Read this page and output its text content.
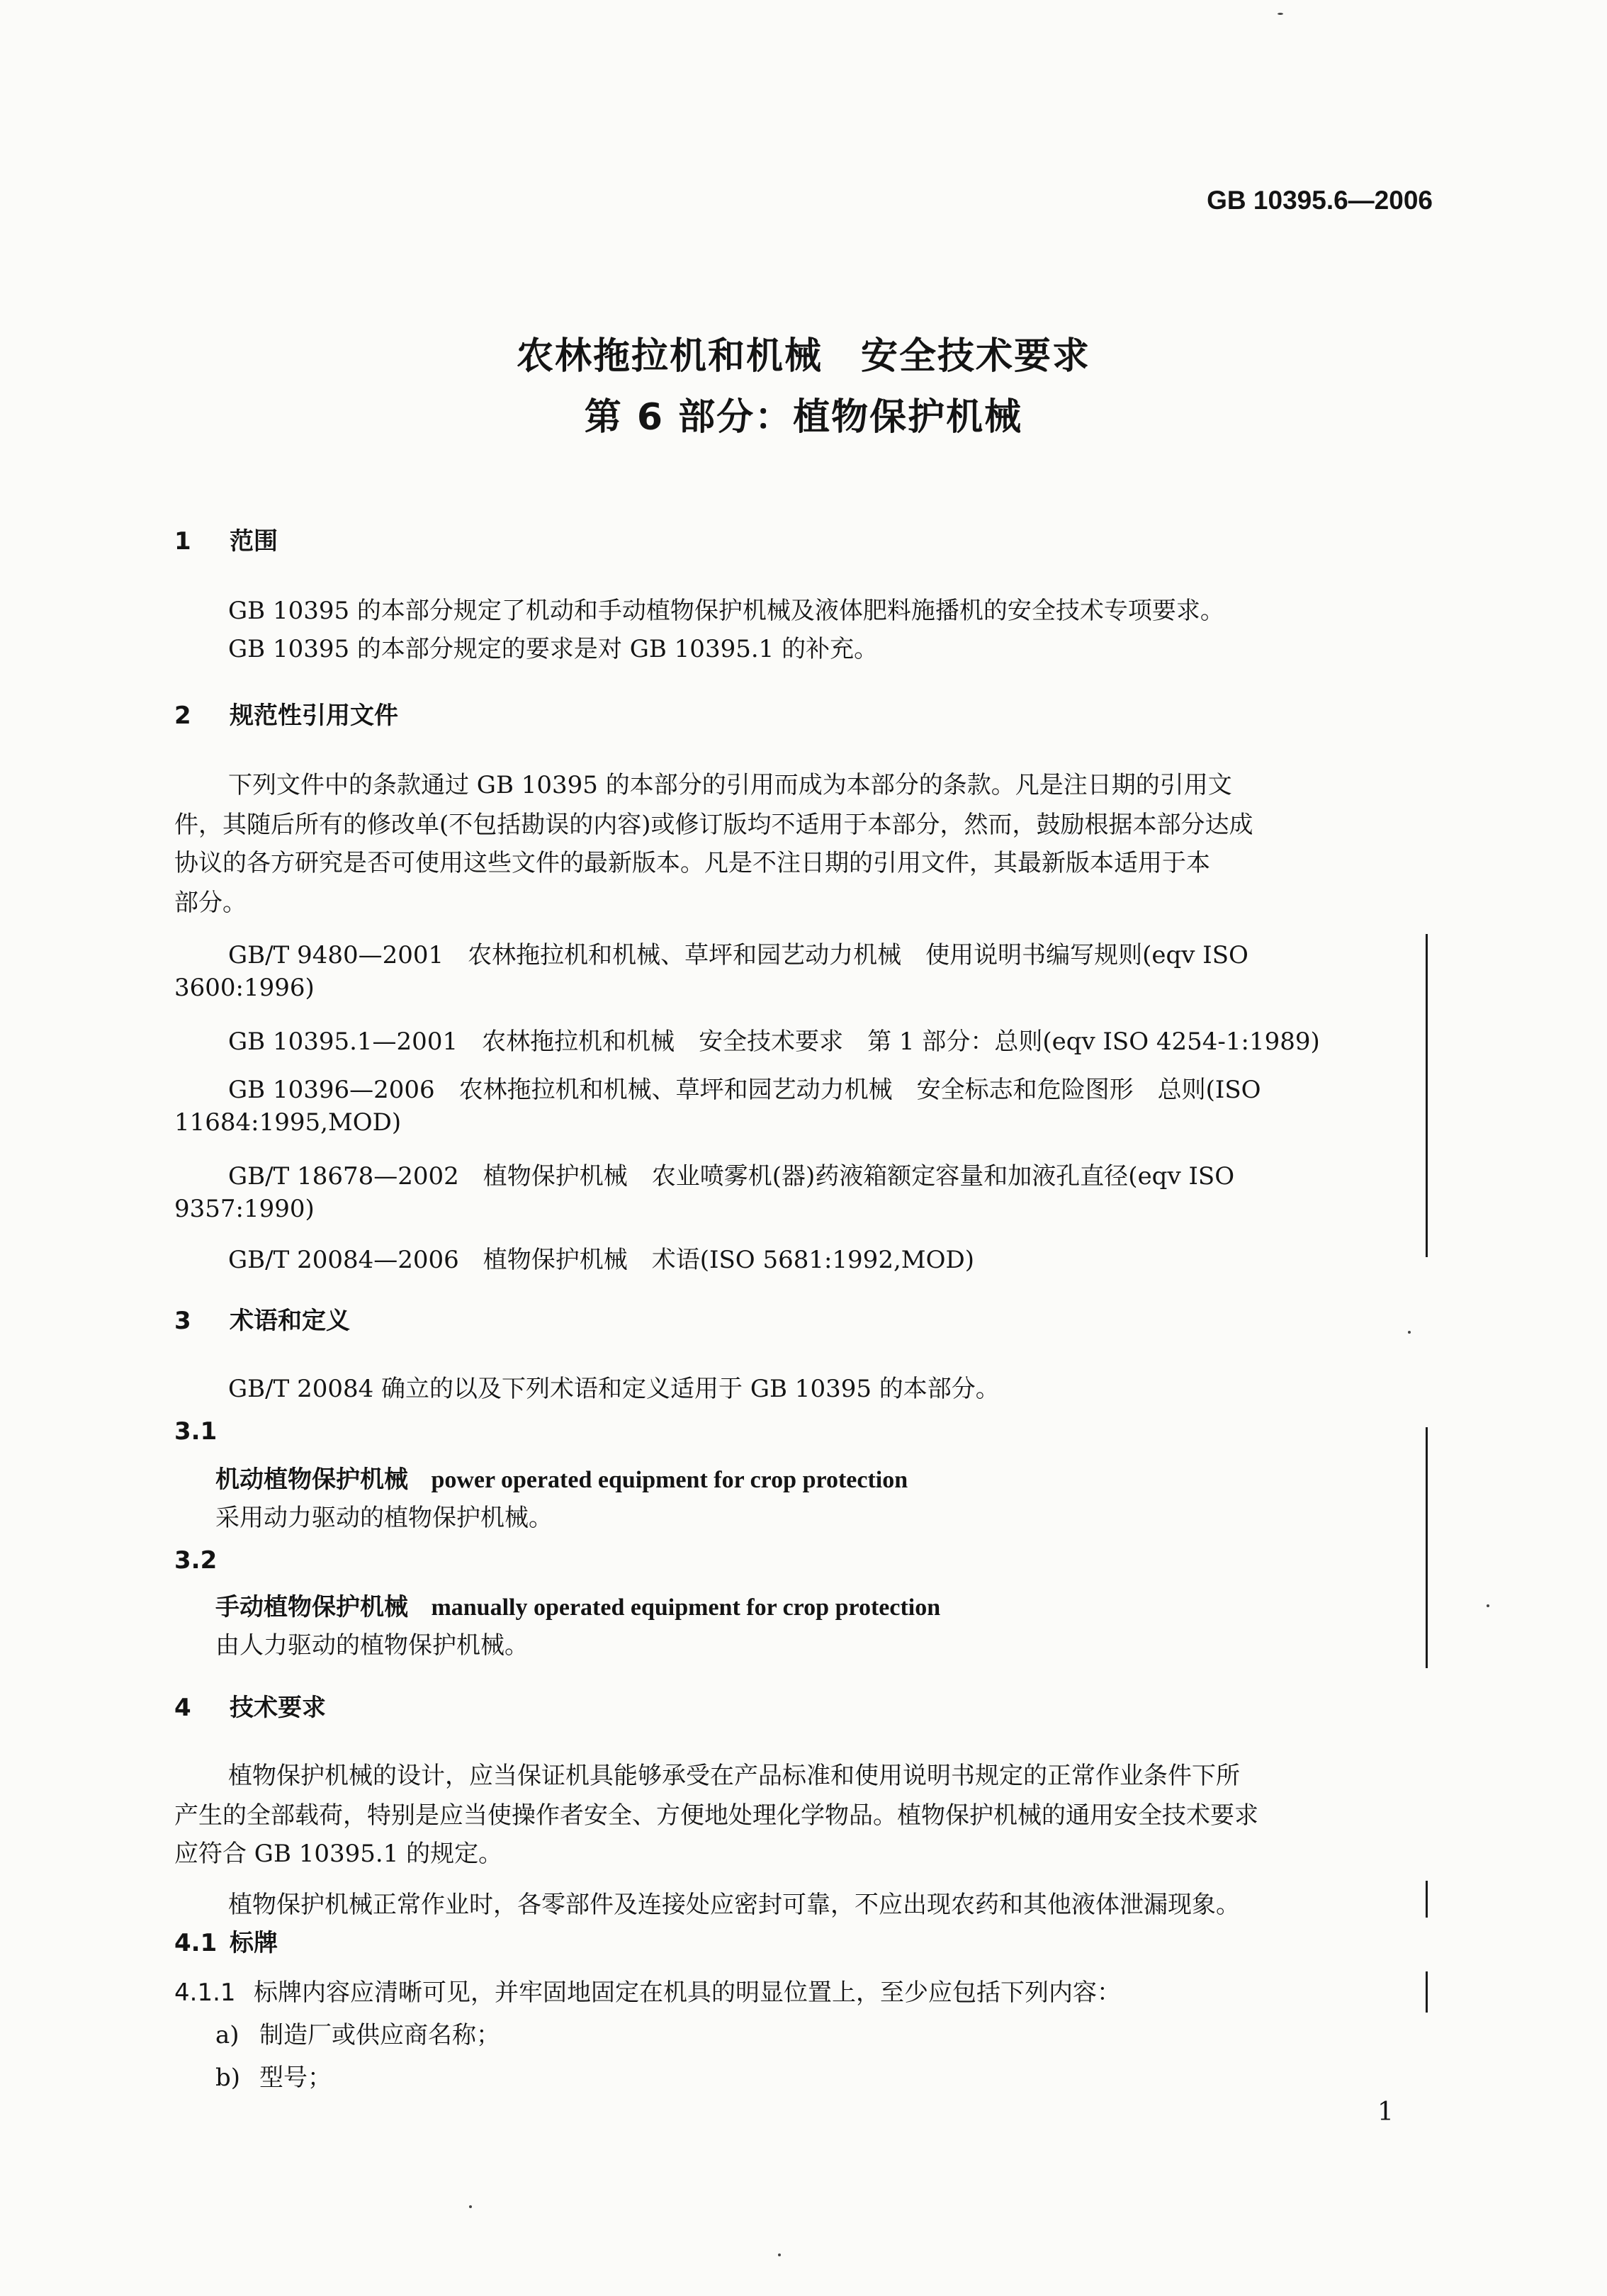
GB 10395.6—2006
农林拖拉机和机械　安全技术要求
第 6 部分：植物保护机械
1 范围
GB 10395 的本部分规定了机动和手动植物保护机械及液体肥料施播机的安全技术专项要求。
GB 10395 的本部分规定的要求是对 GB 10395.1 的补充。
2 规范性引用文件
下列文件中的条款通过 GB 10395 的本部分的引用而成为本部分的条款。凡是注日期的引用文
件，其随后所有的修改单(不包括勘误的内容)或修订版均不适用于本部分，然而，鼓励根据本部分达成
协议的各方研究是否可使用这些文件的最新版本。凡是不注日期的引用文件，其最新版本适用于本
部分。
GB/T 9480—2001　农林拖拉机和机械、草坪和园艺动力机械　使用说明书编写规则(eqv ISO
3600:1996)
GB 10395.1—2001　农林拖拉机和机械　安全技术要求　第 1 部分：总则(eqv ISO 4254-1:1989)
GB 10396—2006　农林拖拉机和机械、草坪和园艺动力机械　安全标志和危险图形　总则(ISO
11684:1995,MOD)
GB/T 18678—2002　植物保护机械　农业喷雾机(器)药液箱额定容量和加液孔直径(eqv ISO
9357:1990)
GB/T 20084—2006　植物保护机械　术语(ISO 5681:1992,MOD)
3 术语和定义
GB/T 20084 确立的以及下列术语和定义适用于 GB 10395 的本部分。
3.1
机动植物保护机械 power operated equipment for crop protection
采用动力驱动的植物保护机械。
3.2
手动植物保护机械 manually operated equipment for crop protection
由人力驱动的植物保护机械。
4 技术要求
植物保护机械的设计，应当保证机具能够承受在产品标准和使用说明书规定的正常作业条件下所
产生的全部载荷，特别是应当使操作者安全、方便地处理化学物品。植物保护机械的通用安全技术要求
应符合 GB 10395.1 的规定。
植物保护机械正常作业时，各零部件及连接处应密封可靠，不应出现农药和其他液体泄漏现象。
4.1 标牌
4.1.1 标牌内容应清晰可见，并牢固地固定在机具的明显位置上，至少应包括下列内容：
a) 制造厂或供应商名称；
b) 型号；
1
